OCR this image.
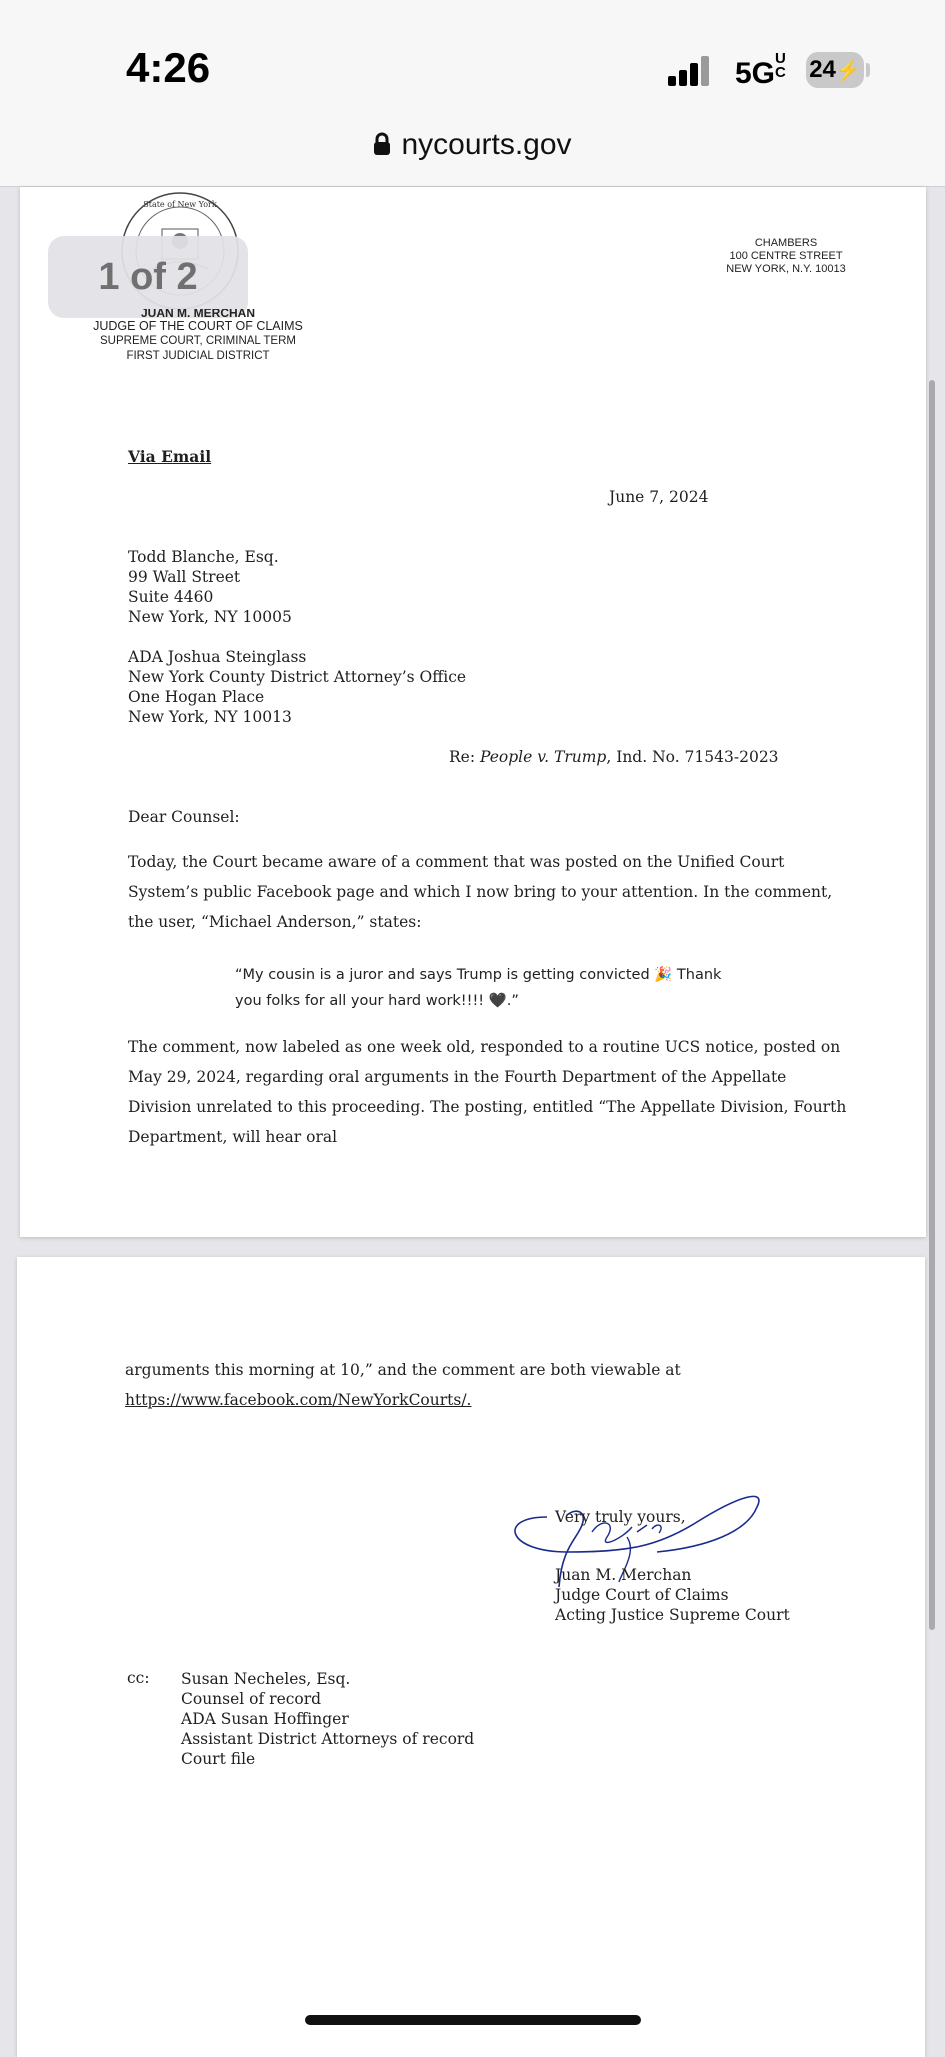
4:26	5GUC 24⚡
nycourts.gov
State of New York
1 of 2
JUAN M. MERCHAN
JUDGE OF THE COURT OF CLAIMS
SUPREME COURT, CRIMINAL TERM
FIRST JUDICIAL DISTRICT
CHAMBERS
100 CENTRE STREET
NEW YORK, N.Y. 10013
Via Email
June 7, 2024
Todd Blanche, Esq.
99 Wall Street
Suite 4460
New York, NY 10005
ADA Joshua Steinglass
New York County District Attorney’s Office
One Hogan Place
New York, NY 10013
Re: People v. Trump, Ind. No. 71543-2023
Dear Counsel:
Today, the Court became aware of a comment that was posted on the Unified Court System’s public Facebook page and which I now bring to your attention. In the comment, the user, “Michael Anderson,” states:
“My cousin is a juror and says Trump is getting convicted 🎉 Thank you folks for all your hard work!!!! 🖤.”
The comment, now labeled as one week old, responded to a routine UCS notice, posted on May 29, 2024, regarding oral arguments in the Fourth Department of the Appellate Division unrelated to this proceeding. The posting, entitled “The Appellate Division, Fourth Department, will hear oral
arguments this morning at 10,” and the comment are both viewable at
https://www.facebook.com/NewYorkCourts/.
Very truly yours,
Juan M. Merchan
Judge Court of Claims
Acting Justice Supreme Court
cc: Susan Necheles, Esq.
Counsel of record
ADA Susan Hoffinger
Assistant District Attorneys of record
Court file
